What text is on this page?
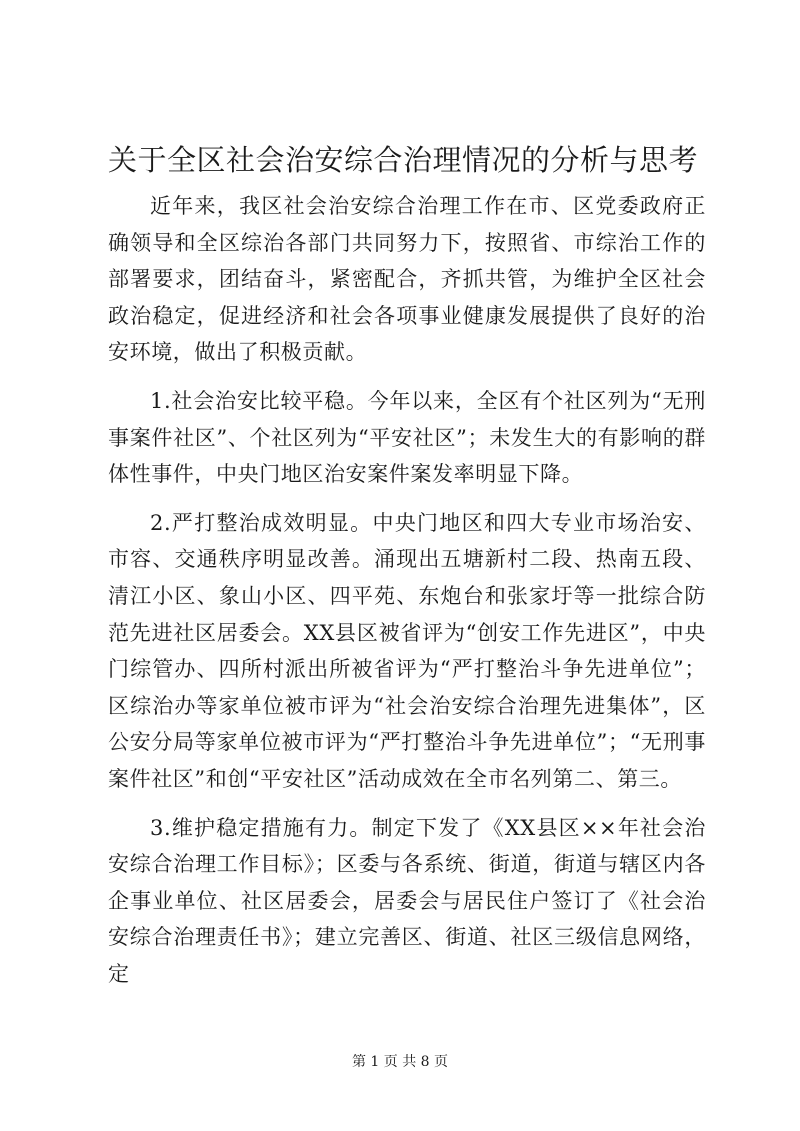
关于全区社会治安综合治理情况的分析与思考

近年来，我区社会治安综合治理工作在市、区党委政府正确领导和全区综治各部门共同努力下，按照省、市综治工作的部署要求，团结奋斗，紧密配合，齐抓共管，为维护全区社会政治稳定，促进经济和社会各项事业健康发展提供了良好的治安环境，做出了积极贡献。

1.社会治安比较平稳。今年以来，全区有个社区列为“无刑事案件社区”、个社区列为“平安社区”；未发生大的有影响的群体性事件，中央门地区治安案件案发率明显下降。

2.严打整治成效明显。中央门地区和四大专业市场治安、市容、交通秩序明显改善。涌现出五塘新村二段、热南五段、清江小区、象山小区、四平苑、东炮台和张家圩等一批综合防范先进社区居委会。XX县区被省评为“创安工作先进区”，中央门综管办、四所村派出所被省评为“严打整治斗争先进单位”；区综治办等家单位被市评为“社会治安综合治理先进集体”，区公安分局等家单位被市评为“严打整治斗争先进单位”；“无刑事案件社区”和创“平安社区”活动成效在全市名列第二、第三。

3.维护稳定措施有力。制定下发了《XX县区××年社会治安综合治理工作目标》；区委与各系统、街道，街道与辖区内各企事业单位、社区居委会，居委会与居民住户签订了《社会治安综合治理责任书》；建立完善区、街道、社区三级信息网络，定

第 1 页 共 8 页
